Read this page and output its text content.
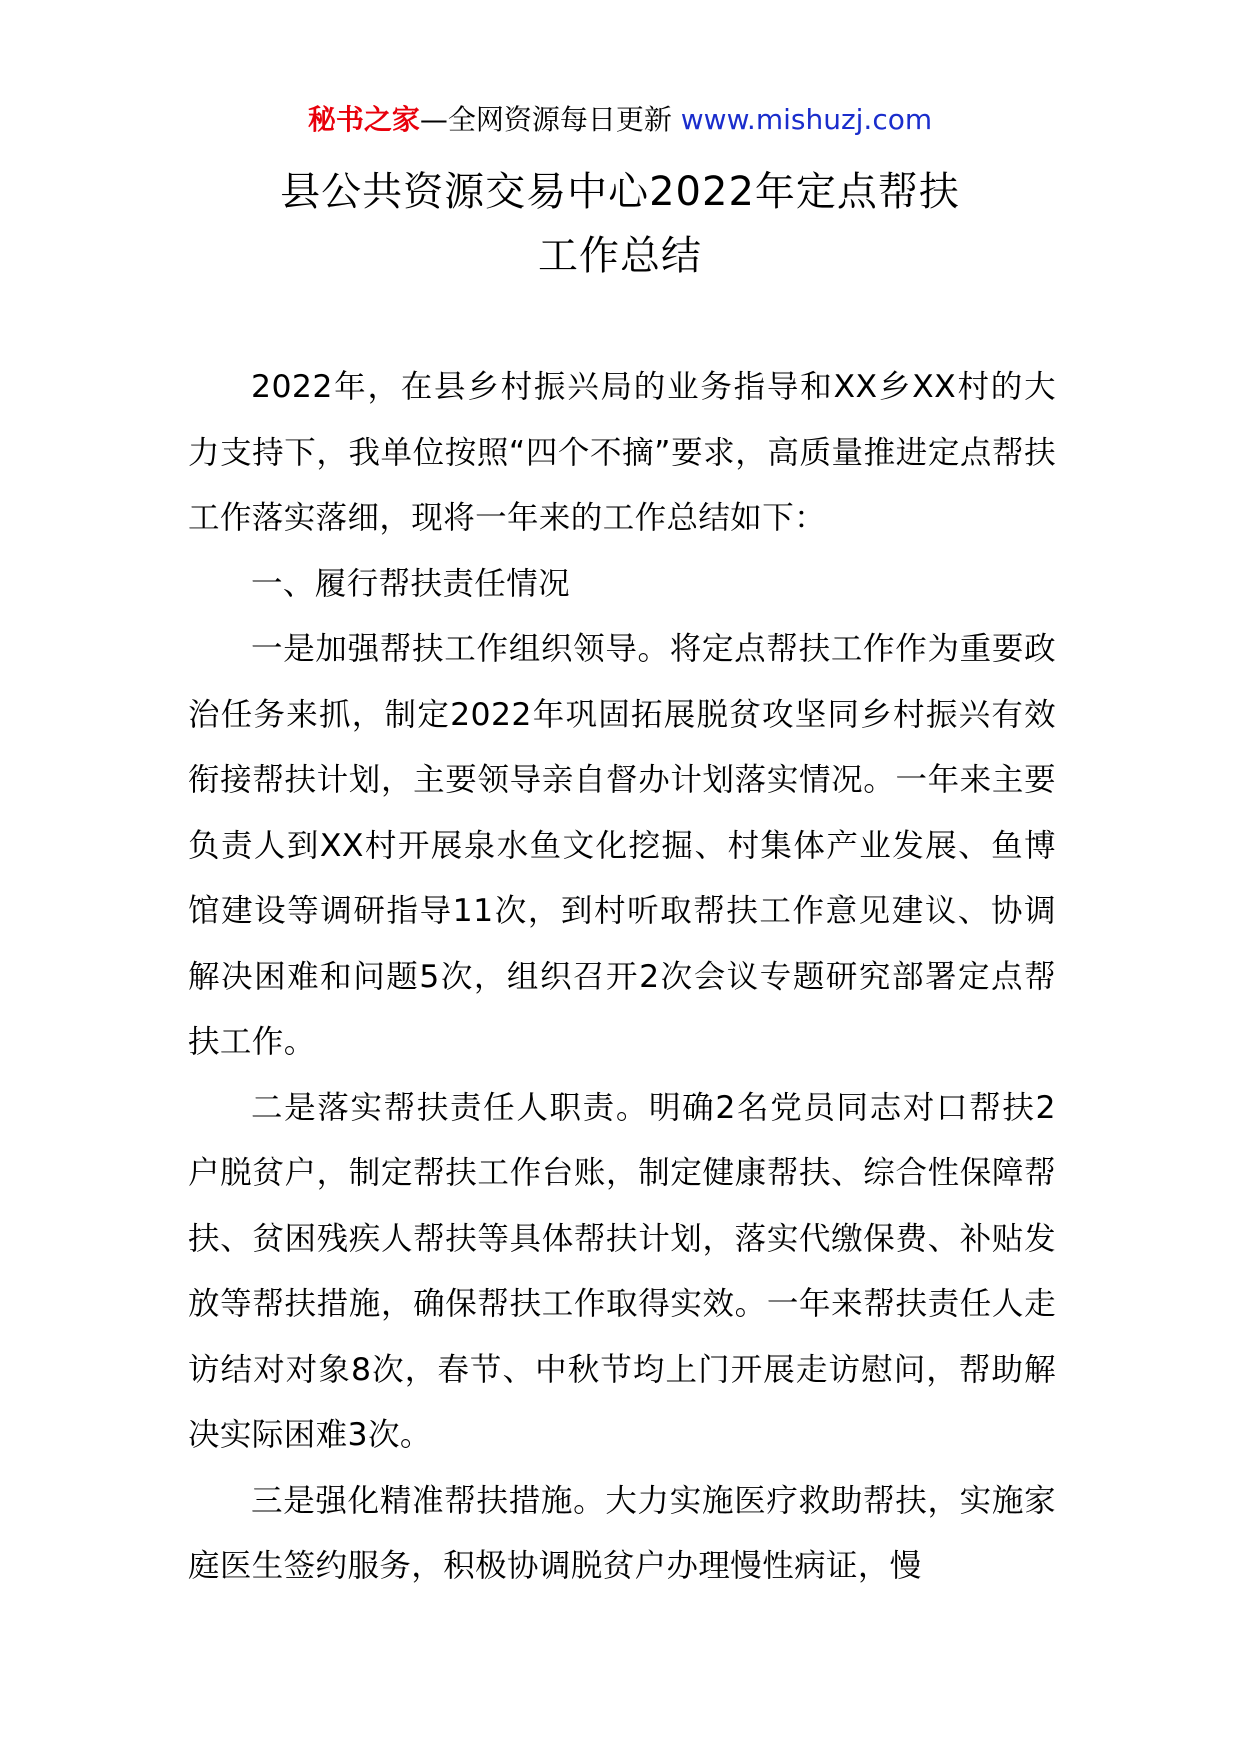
秘书之家—全网资源每日更新 www.mishuzj.com
县公共资源交易中心2022年定点帮扶
工作总结

2022年，在县乡村振兴局的业务指导和XX乡XX村的大力支持下，我单位按照“四个不摘”要求，高质量推进定点帮扶工作落实落细，现将一年来的工作总结如下：

一、履行帮扶责任情况

一是加强帮扶工作组织领导。将定点帮扶工作作为重要政治任务来抓，制定2022年巩固拓展脱贫攻坚同乡村振兴有效衔接帮扶计划，主要领导亲自督办计划落实情况。一年来主要负责人到XX村开展泉水鱼文化挖掘、村集体产业发展、鱼博馆建设等调研指导11次，到村听取帮扶工作意见建议、协调解决困难和问题5次，组织召开2次会议专题研究部署定点帮扶工作。

二是落实帮扶责任人职责。明确2名党员同志对口帮扶2户脱贫户，制定帮扶工作台账，制定健康帮扶、综合性保障帮扶、贫困残疾人帮扶等具体帮扶计划，落实代缴保费、补贴发放等帮扶措施，确保帮扶工作取得实效。一年来帮扶责任人走访结对对象8次，春节、中秋节均上门开展走访慰问，帮助解决实际困难3次。

三是强化精准帮扶措施。大力实施医疗救助帮扶，实施家庭医生签约服务，积极协调脱贫户办理慢性病证，慢
